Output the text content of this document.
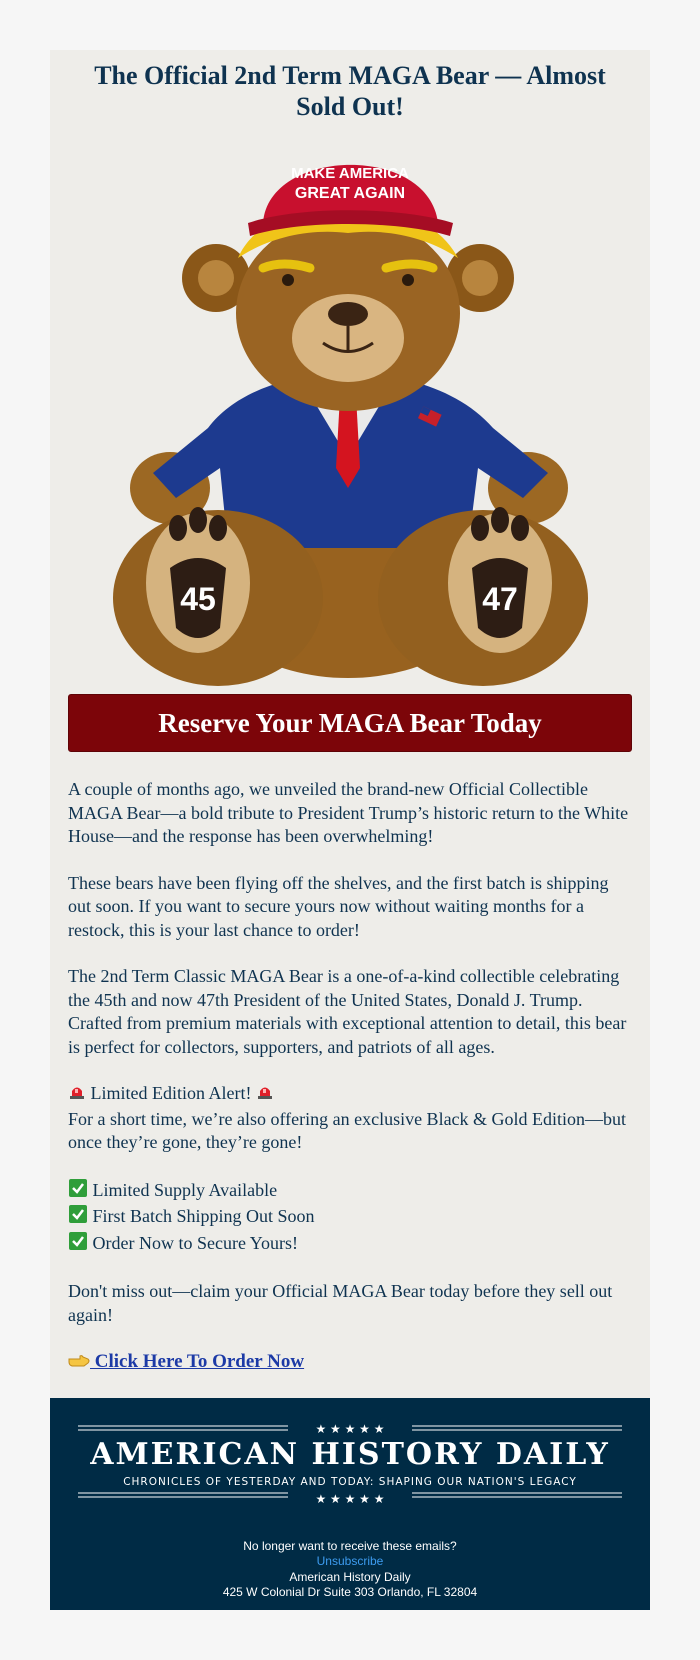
The Official 2nd Term MAGA Bear — Almost Sold Out!
MAKE AMERICA
GREAT AGAIN
45	47
Reserve Your MAGA Bear Today

A couple of months ago, we unveiled the brand-new Official Collectible MAGA Bear—a bold tribute to President Trump’s historic return to the White House—and the response has been overwhelming!

These bears have been flying off the shelves, and the first batch is shipping out soon. If you want to secure yours now without waiting months for a restock, this is your last chance to order!

The 2nd Term Classic MAGA Bear is a one-of-a-kind collectible celebrating the 45th and now 47th President of the United States, Donald J. Trump. Crafted from premium materials with exceptional attention to detail, this bear is perfect for collectors, supporters, and patriots of all ages.

Limited Edition Alert!
For a short time, we’re also offering an exclusive Black & Gold Edition—but once they’re gone, they’re gone!

Limited Supply Available
First Batch Shipping Out Soon
Order Now to Secure Yours!

Don't miss out—claim your Official MAGA Bear today before they sell out again!

Click Here To Order Now

★ ★ ★ ★ ★
AMERICAN HISTORY DAILY
CHRONICLES OF YESTERDAY AND TODAY: SHAPING OUR NATION'S LEGACY
★ ★ ★ ★ ★
No longer want to receive these emails?
Unsubscribe
American History Daily
425 W Colonial Dr Suite 303 Orlando, FL 32804
